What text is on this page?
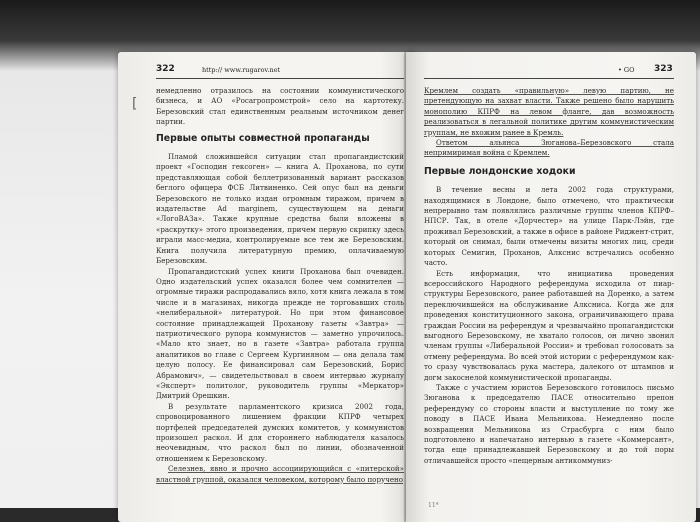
322	http:// www.rugarov.net
[

немедленно отразилось на состоянии коммунистического бизнеса, и АО «Росагропромстрой» село на картотеку. Березовский стал единственным реальным источником денег партии.

Первые опыты совместной пропаганды

Пламой сложившейся ситуации стал пропагандистский проект «Господин гексоген» — книга А. Проханова, по сути представляющая собой беллетризованный вариант рассказов беглого офицера ФСБ Литвиненко. Сей опус был на деньги Березовского не только издан огромным тиражом, причем в издательстве Ad marginem, существующем на деньги «ЛогоВАЗа». Также крупные средства были вложены в «раскрутку» этого произведения, причем первую скрипку здесь играли масс-медиа, контролируемые все тем же Березовским. Книга получила литературную премию, оплачиваемую Березовским.

Пропагандистский успех книги Проханова был очевиден. Одно издательский успех оказался более чем сомнителен — огромные тиражи распродавались вяло, хотя книга лежала в том числе и в магазинах, никогда прежде не торговавших столь «нелиберальной» литературой. Но при этом финансовое состояние принадлежащей Проханову газеты «Завтра» — патриотического рупора коммунистов — заметно упрочилось. «Мало кто знает, но в газете «Завтра» работала группа аналитиков во главе с Сергеем Кургиняном — она делала там целую полосу. Ее финансировал сам Березовский, Борис Абрамович», — свидетельствовал в своем интервью журналу «Эксперт» политолог, руководитель группы «Меркатор» Дмитрий Орешкин.

В результате парламентского кризиса 2002 года, спровоцированного лишением фракции КПРФ четырех портфелей председателей думских комитетов, у коммунистов произошел раскол. И для стороннего наблюдателя казалось неочевидным, что раскол был по линии, обозначенной отношением к Березовскому.

Селезнев, явно и прочно ассоциирующийся с «питерской» властной группой, оказался человеком, которому было поручено

• GO 323

Кремлем создать «правильную» левую партию, не претендующую на захват власти. Также решено было нарушить монополию КПРФ на левом фланге, дав возможность реализоваться в легальной политике другим коммунистическим группам, не вхожим ранее в Кремль.

Ответом альянса Зюганова–Березовского стала непримиримая война с Кремлем.

Первые лондонские ходоки

В течение весны и лета 2002 года структурами, находящимися в Лондоне, было отмечено, что практически непрерывно там появлялись различные группы членов КПРФ–НПСР. Так, в отеле «Дорчестер» на улице Парк-Лэйн, где проживал Березовский, а также в офисе в районе Риджент-стрит, который он снимал, были отмечены визиты многих лиц, среди которых Семигин, Проханов, Алкснис встречались особенно часто.

Есть информация, что инициатива проведения всероссийского Народного референдума исходила от пиар-структуры Березовского, ранее работавшей на Доренко, а затем переключившейся на обслуживание Алксниса. Когда же для проведения конституционного закона, ограничивающего права граждан России на референдум и чрезвычайно пропагандистски выгодного Березовскому, не хватало голосов, он лично звонил членам группы «Либеральной России» и требовал голосовать за отмену референдума. Во всей этой истории с референдумом как-то сразу чувствовалась рука мастера, далекого от штампов и догм закоснелой коммунистической пропаганды.

Также с участием юристов Березовского готовилось письмо Зюганова к председателю ПАСЕ относительно препон референдуму со стороны власти и выступление по тому же поводу в ПАСЕ Ивана Мельникова. Немедленно после возвращения Мельникова из Страсбурга с ним было подготовлено и напечатано интервью в газете «Коммерсант», тогда еще принадлежавшей Березовскому и до той поры отличавшейся просто «пещерным антикоммуниз-

11*
